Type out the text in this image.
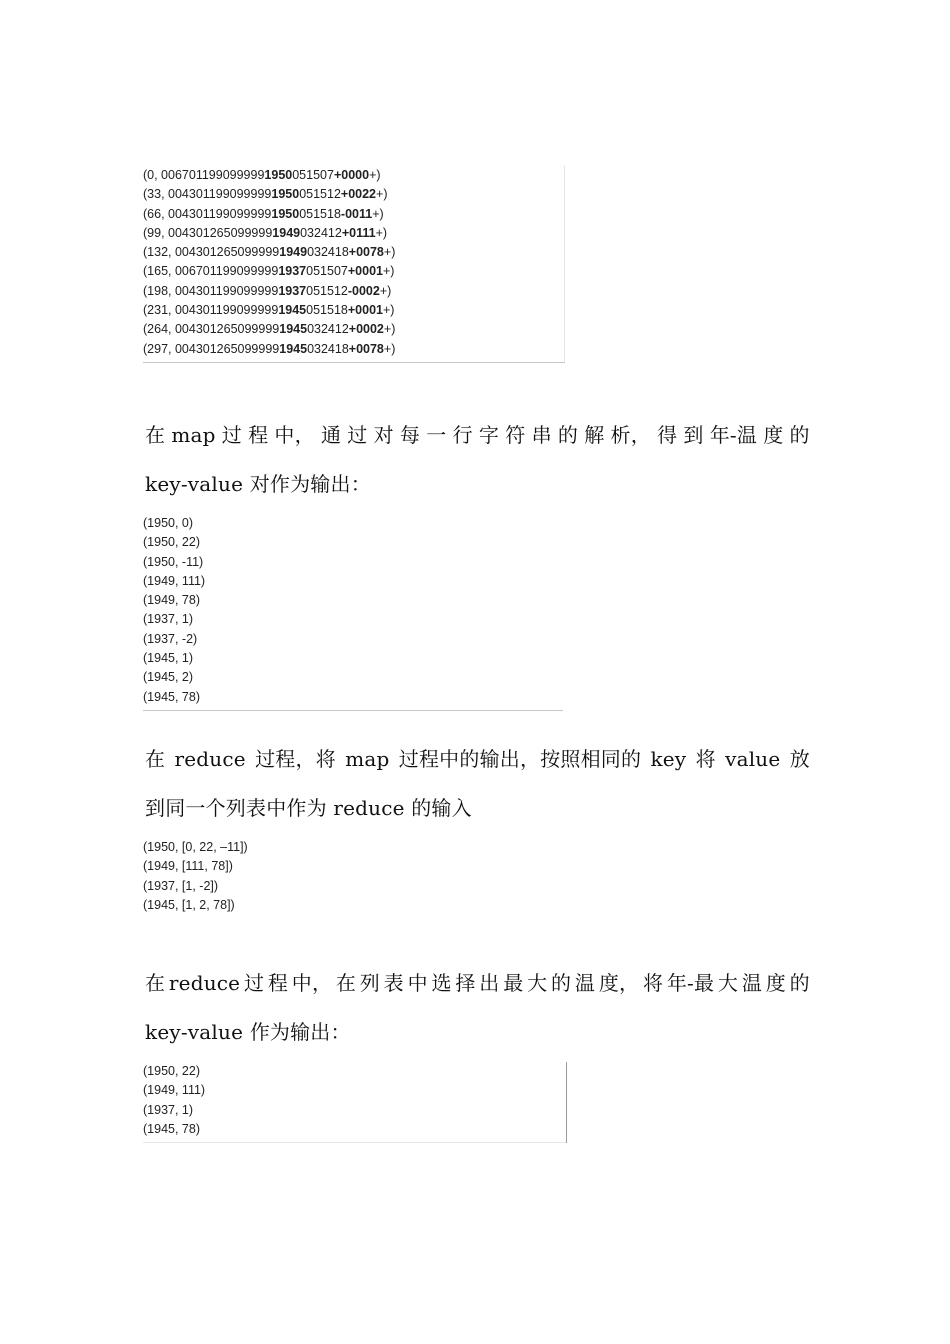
(0, 0067011990999991950051507+0000+)
(33, 0043011990999991950051512+0022+)
(66, 0043011990999991950051518-0011+)
(99, 0043012650999991949032412+0111+)
(132, 0043012650999991949032418+0078+)
(165, 0067011990999991937051507+0001+)
(198, 0043011990999991937051512-0002+)
(231, 0043011990999991945051518+0001+)
(264, 0043012650999991945032412+0002+)
(297, 0043012650999991945032418+0078+)
在 map 过 程 中， 通 过 对 每 一 行 字 符 串 的 解 析， 得 到 年-温 度 的
key-value 对作为输出：
(1950, 0)
(1950, 22)
(1950, -11)
(1949, 111)
(1949, 78)
(1937, 1)
(1937, -2)
(1945, 1)
(1945, 2)
(1945, 78)
在 reduce 过程，将 map 过程中的输出，按照相同的 key 将 value 放
到同一个列表中作为 reduce 的输入
(1950, [0, 22, –11])
(1949, [111, 78])
(1937, [1, -2])
(1945, [1, 2, 78])
在 reduce 过 程 中， 在 列 表 中 选 择 出 最 大 的 温 度， 将 年-最 大 温 度 的
key-value 作为输出：
(1950, 22)
(1949, 111)
(1937, 1)
(1945, 78)
